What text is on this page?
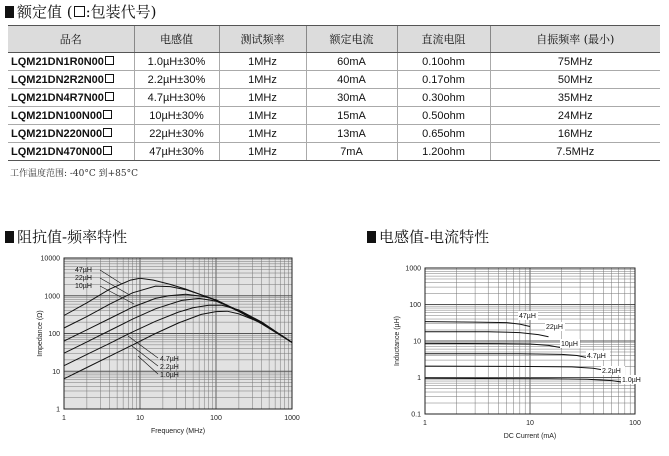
额定值 ( :包装代号)
品名	电感值	测试频率	额定电流	直流电阻	自振频率 (最小)
LQM21DN1R0N00	1.0µH±30%	1MHz	60mA	0.10ohm	75MHz
LQM21DN2R2N00	2.2µH±30%	1MHz	40mA	0.17ohm	50MHz
LQM21DN4R7N00	4.7µH±30%	1MHz	30mA	0.30ohm	35MHz
LQM21DN100N00	10µH±30%	1MHz	15mA	0.50ohm	24MHz
LQM21DN220N00	22µH±30%	1MHz	13mA	0.65ohm	16MHz
LQM21DN470N00	47µH±30%	1MHz	7mA	1.20ohm	7.5MHz
工作温度范围: -40°C 到+85°C
阻抗值-频率特性	电感值-电流特性
1	10	100	1000
1
10
100
1000
10000
Frequency (MHz)
Impedance (Ω)
47µH
22µH
10µH
4.7µH
2.2µH
1.0µH
1	10	100
0.1
1
10
100
1000
DC Current (mA)
Inductance (µH)	47µH
22µH
10µH
4.7µH
2.2µH
1.0µH
